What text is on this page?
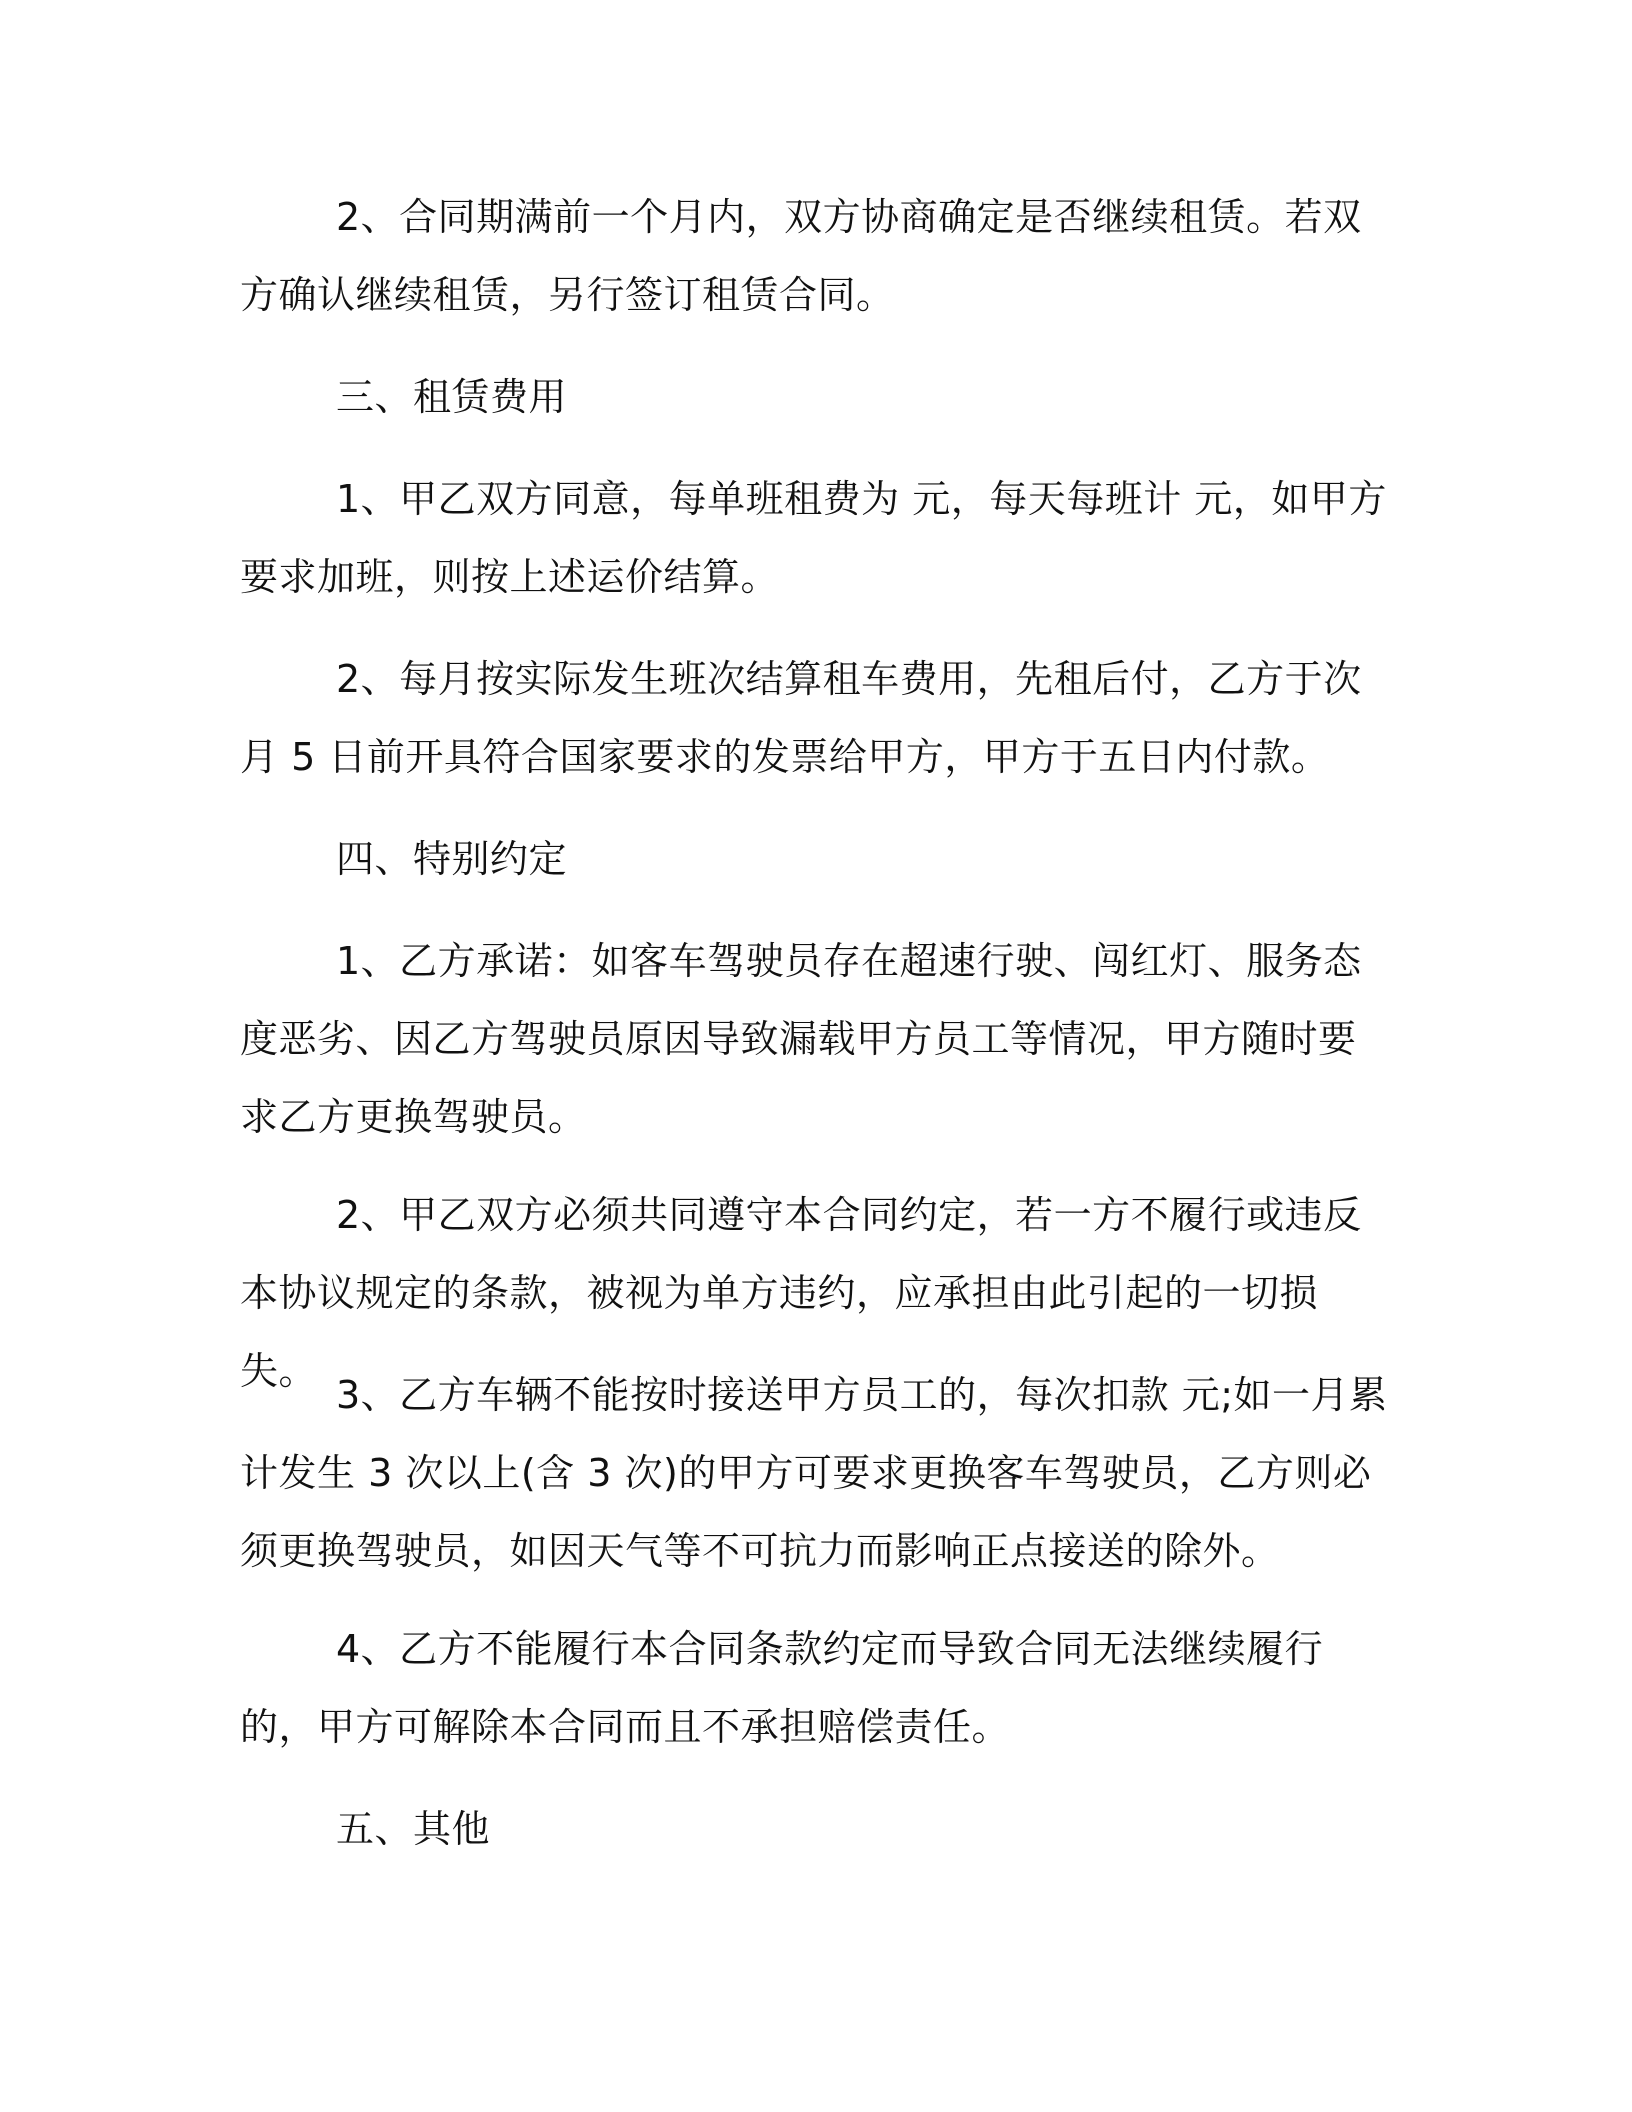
2、合同期满前一个月内，双方协商确定是否继续租赁。若双方确认继续租赁，另行签订租赁合同。

三、租赁费用

1、甲乙双方同意，每单班租费为 元，每天每班计 元，如甲方要求加班，则按上述运价结算。

2、每月按实际发生班次结算租车费用，先租后付，乙方于次月 5 日前开具符合国家要求的发票给甲方，甲方于五日内付款。

四、特别约定

1、乙方承诺：如客车驾驶员存在超速行驶、闯红灯、服务态度恶劣、因乙方驾驶员原因导致漏载甲方员工等情况，甲方随时要求乙方更换驾驶员。

2、甲乙双方必须共同遵守本合同约定，若一方不履行或违反本协议规定的条款，被视为单方违约，应承担由此引起的一切损失。

3、乙方车辆不能按时接送甲方员工的，每次扣款 元;如一月累计发生 3 次以上(含 3 次)的甲方可要求更换客车驾驶员，乙方则必须更换驾驶员，如因天气等不可抗力而影响正点接送的除外。

4、乙方不能履行本合同条款约定而导致合同无法继续履行的，甲方可解除本合同而且不承担赔偿责任。

五、其他
